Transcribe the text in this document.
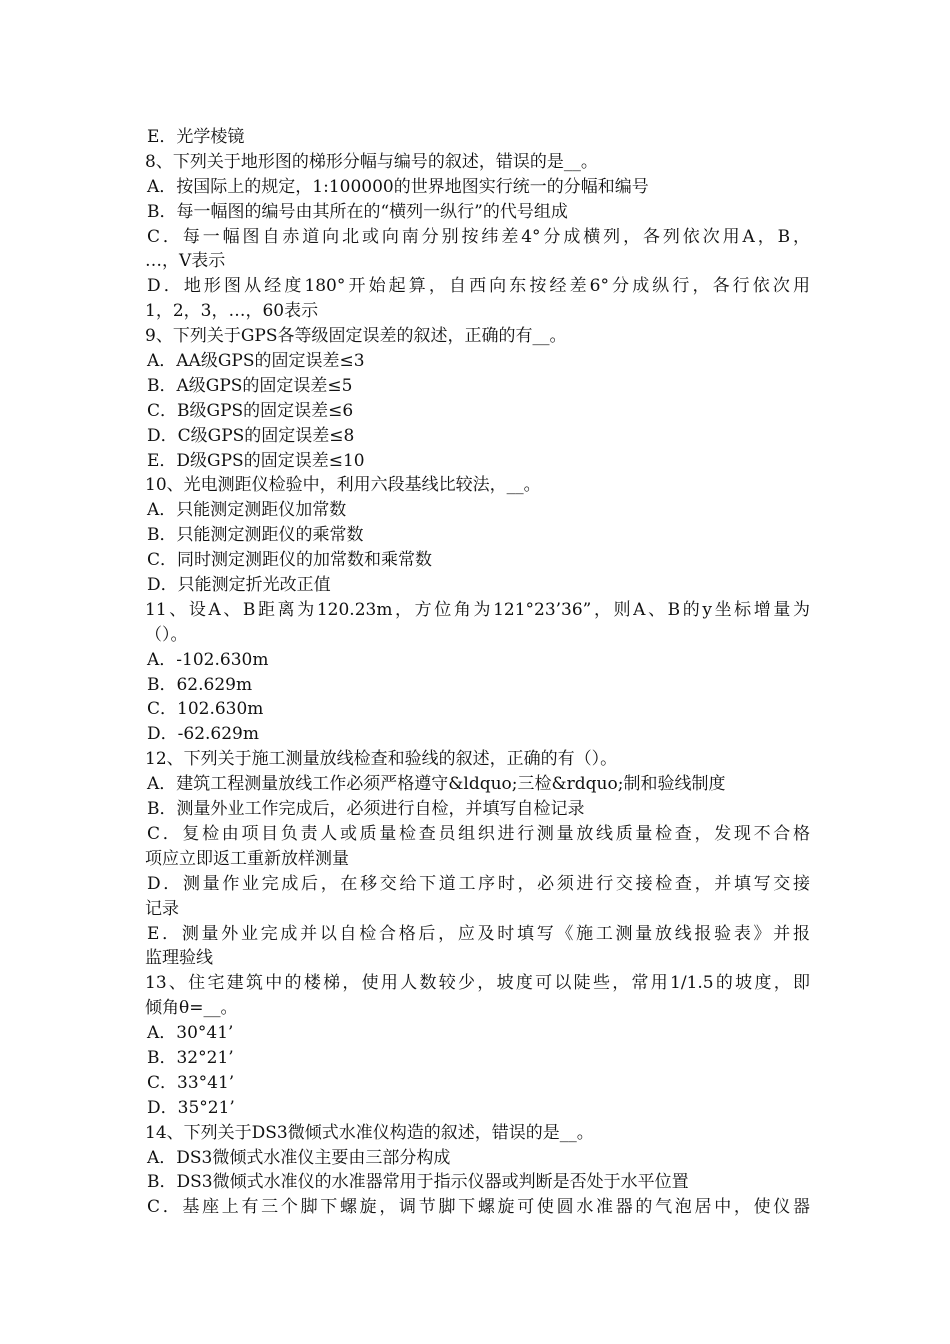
E．光学棱镜
8、下列关于地形图的梯形分幅与编号的叙述，错误的是__。
A．按国际上的规定，1:100000的世界地图实行统一的分幅和编号
B．每一幅图的编号由其所在的“横列一纵行”的代号组成
C．每一幅图自赤道向北或向南分别按纬差4°分成横列，各列依次用A，B，
…，V表示
D．地形图从经度180°开始起算，自西向东按经差6°分成纵行，各行依次用
1，2，3，…，60表示
9、下列关于GPS各等级固定误差的叙述，正确的有__。
A．AA级GPS的固定误差≤3
B．A级GPS的固定误差≤5
C．B级GPS的固定误差≤6
D．C级GPS的固定误差≤8
E．D级GPS的固定误差≤10
10、光电测距仪检验中，利用六段基线比较法，__。
A．只能测定测距仪加常数
B．只能测定测距仪的乘常数
C．同时测定测距仪的加常数和乘常数
D．只能测定折光改正值
11、设A、B距离为120.23m，方位角为121°23’36”，则A、B的y坐标增量为
（）。
A．-102.630m
B．62.629m
C．102.630m
D．-62.629m
12、下列关于施工测量放线检查和验线的叙述，正确的有（）。
A．建筑工程测量放线工作必须严格遵守&ldquo;三检&rdquo;制和验线制度
B．测量外业工作完成后，必须进行自检，并填写自检记录
C．复检由项目负责人或质量检查员组织进行测量放线质量检查，发现不合格
项应立即返工重新放样测量
D．测量作业完成后，在移交给下道工序时，必须进行交接检查，并填写交接
记录
E．测量外业完成并以自检合格后，应及时填写《施工测量放线报验表》并报
监理验线
13、住宅建筑中的楼梯，使用人数较少，坡度可以陡些，常用1/1.5的坡度，即
倾角θ=__。
A．30°41’
B．32°21’
C．33°41’
D．35°21’
14、下列关于DS3微倾式水准仪构造的叙述，错误的是__。
A．DS3微倾式水准仪主要由三部分构成
B．DS3微倾式水准仪的水准器常用于指示仪器或判断是否处于水平位置
C．基座上有三个脚下螺旋，调节脚下螺旋可使圆水准器的气泡居中，使仪器
